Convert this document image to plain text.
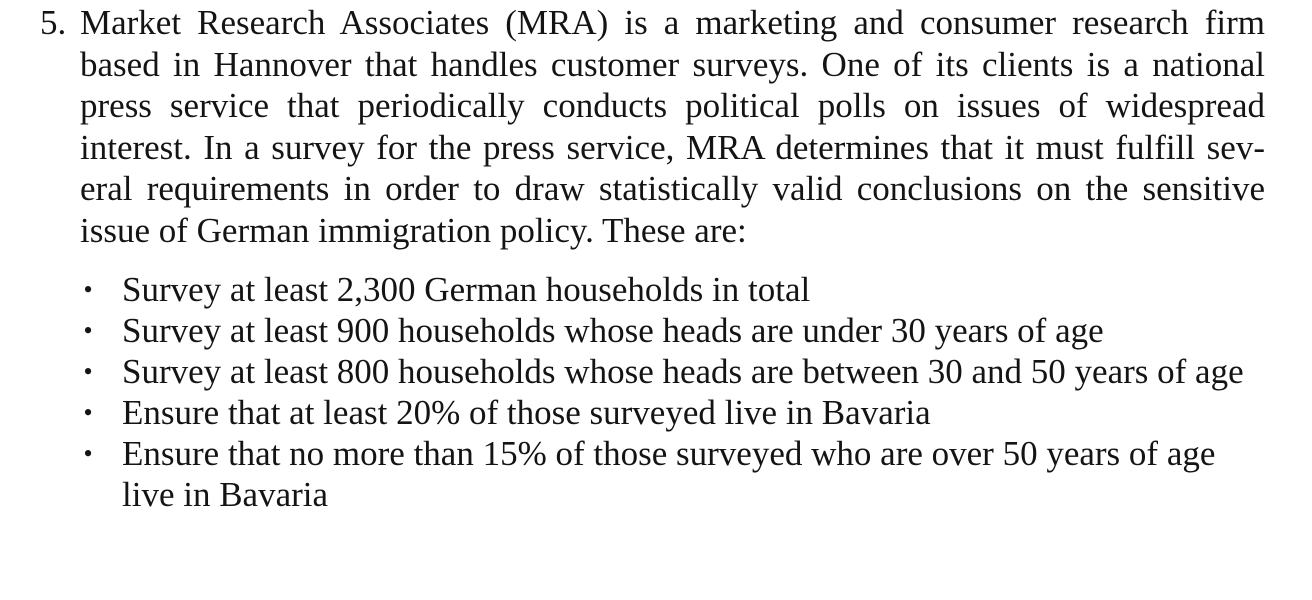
5. Market Research Associates (MRA) is a marketing and consumer research firm based in Hannover that handles customer surveys. One of its clients is a national press service that periodically conducts political polls on issues of widespread interest. In a survey for the press service, MRA determines that it must fulfill several requirements in order to draw statistically valid conclusions on the sensitive issue of German immigration policy. These are:
• Survey at least 2,300 German households in total
• Survey at least 900 households whose heads are under 30 years of age
• Survey at least 800 households whose heads are between 30 and 50 years of age
• Ensure that at least 20% of those surveyed live in Bavaria
• Ensure that no more than 15% of those surveyed who are over 50 years of age live in Bavaria
